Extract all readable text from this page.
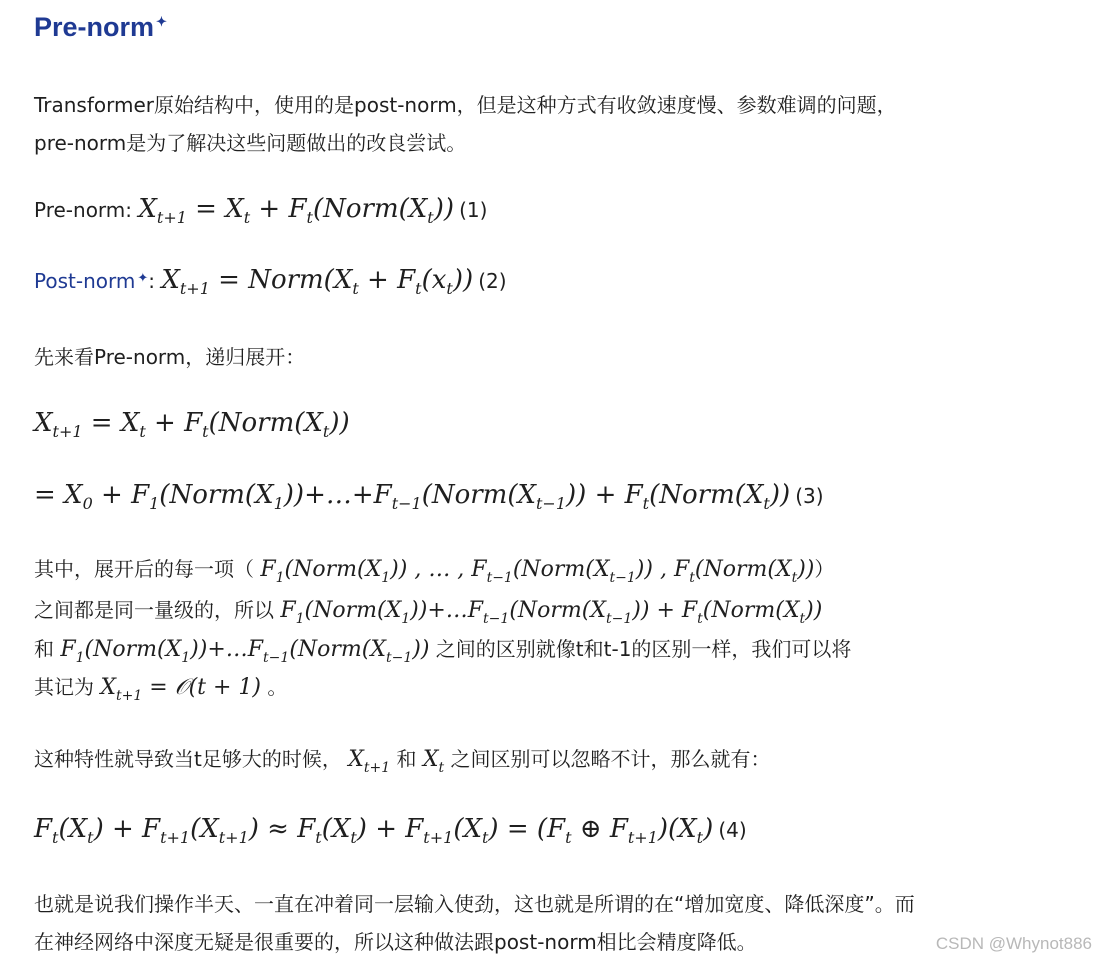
Pre-norm ✦
Transformer原始结构中，使用的是post-norm，但是这种方式有收敛速度慢、参数难调的问题，
pre-norm是为了解决这些问题做出的改良尝试。
Pre-norm: $X_{t+1} = X_t$ + $F_t(Norm(X_t))$ (1)
Post-norm ✦: $X_{t+1}$ = $Norm(X_t + F_t(x_t))$ (2)
先来看Pre-norm，递归展开：
$X_{t+1} = X_t$ + $F_t(Norm(X_t))$
= $X_0$ + $F_1(Norm(X_1))+\dots+F_{t-1}(Norm(X_{t-1}))$ + $F_t(Norm(X_t))$ (3)
其中，展开后的每一项（ $F_1(Norm(X_1))$ , … , $F_{t-1}(Norm(X_{t-1}))$ , $F_t(Norm(X_t))$）
之间都是同一量级的，所以 $F_1(Norm(X_1))+\dots F_{t-1}(Norm(X_{t-1}))$ + $F_t(Norm(X_t))$
和 $F_1(Norm(X_1))+\dots F_{t-1}(Norm(X_{t-1}))$ 之间的区别就像t和t-1的区别一样，我们可以将
其记为 $X_{t+1}$ = 𝒪(t + 1) 。
这种特性就导致当t足够大的时候， $X_{t+1}$ 和 $X_t$ 之间区别可以忽略不计，那么就有：
$F_t(X_t) + F_{t+1}(X_{t+1}) \approx F_t(X_t) + F_{t+1}(X_t) = (F_t$ ⊕ $F_{t+1})(X_t)$ (4)
也就是说我们操作半天、一直在冲着同一层输入使劲，这也就是所谓的在“增加宽度、降低深度”。而
在神经网络中深度无疑是很重要的，所以这种做法跟post-norm相比会精度降低。	CSDN @Whynot886
